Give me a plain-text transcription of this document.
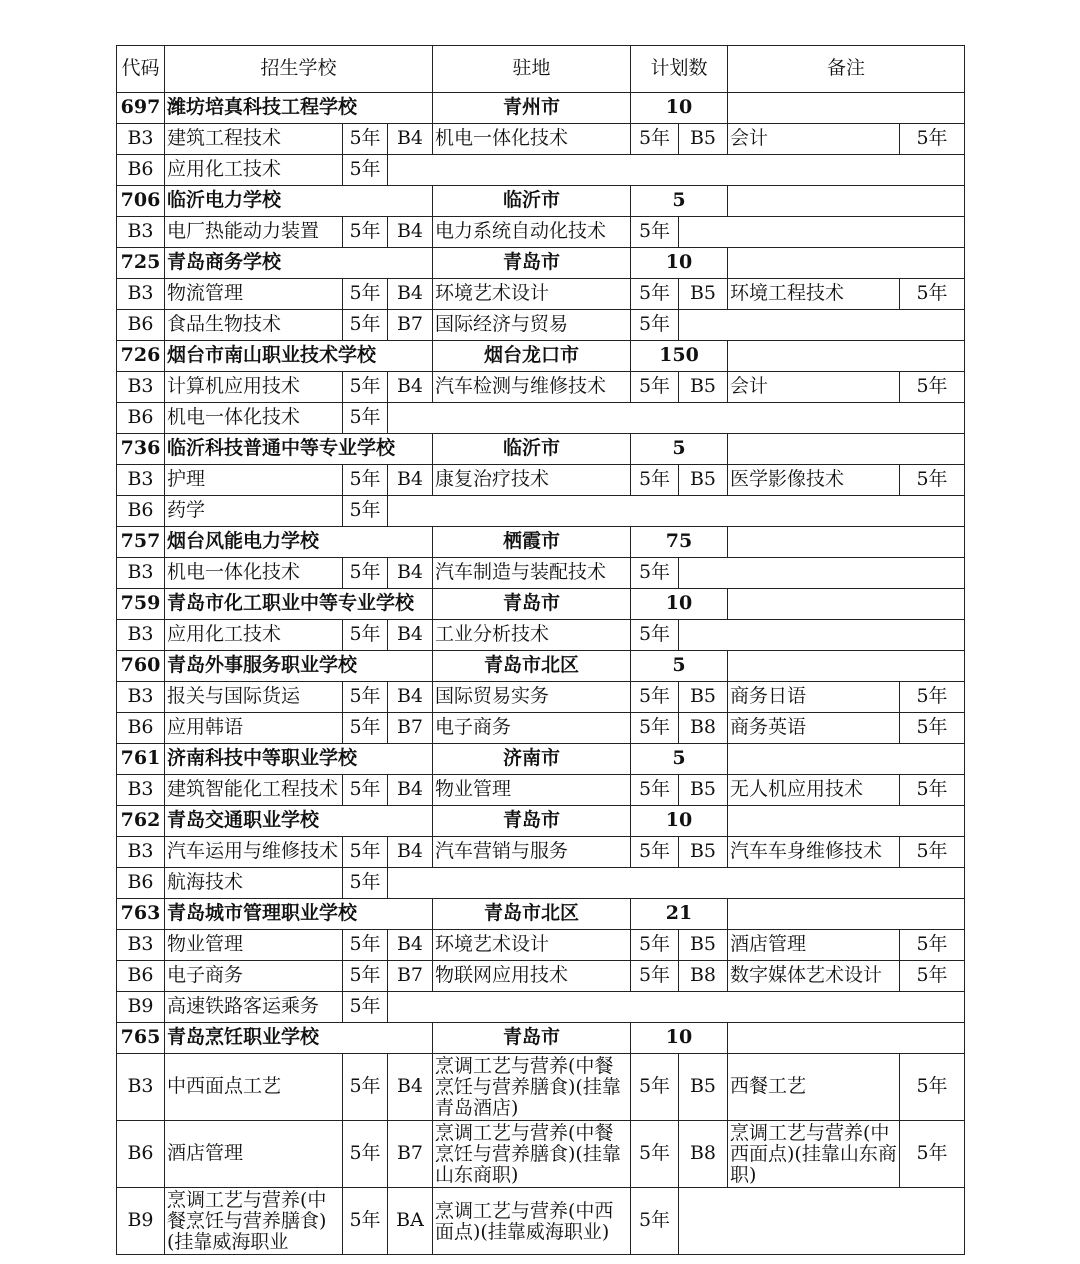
代码	招生学校			驻地	计划数		备注	
697	潍坊培真科技工程学校			青州市	10			
B3	建筑工程技术	5年	B4	机电一体化技术	5年	B5	会计	5年
B6	应用化工技术	5年						
706	临沂电力学校			临沂市	5			
B3	电厂热能动力装置	5年	B4	电力系统自动化技术	5年			
725	青岛商务学校			青岛市	10			
B3	物流管理	5年	B4	环境艺术设计	5年	B5	环境工程技术	5年
B6	食品生物技术	5年	B7	国际经济与贸易	5年			
726	烟台市南山职业技术学校			烟台龙口市	150			
B3	计算机应用技术	5年	B4	汽车检测与维修技术	5年	B5	会计	5年
B6	机电一体化技术	5年						
736	临沂科技普通中等专业学校			临沂市	5			
B3	护理	5年	B4	康复治疗技术	5年	B5	医学影像技术	5年
B6	药学	5年						
757	烟台风能电力学校			栖霞市	75			
B3	机电一体化技术	5年	B4	汽车制造与装配技术	5年			
759	青岛市化工职业中等专业学校			青岛市	10			
B3	应用化工技术	5年	B4	工业分析技术	5年			
760	青岛外事服务职业学校			青岛市北区	5			
B3	报关与国际货运	5年	B4	国际贸易实务	5年	B5	商务日语	5年
B6	应用韩语	5年	B7	电子商务	5年	B8	商务英语	5年
761	济南科技中等职业学校			济南市	5			
B3	建筑智能化工程技术	5年	B4	物业管理	5年	B5	无人机应用技术	5年
762	青岛交通职业学校			青岛市	10			
B3	汽车运用与维修技术	5年	B4	汽车营销与服务	5年	B5	汽车车身维修技术	5年
B6	航海技术	5年						
763	青岛城市管理职业学校			青岛市北区	21			
B3	物业管理	5年	B4	环境艺术设计	5年	B5	酒店管理	5年
B6	电子商务	5年	B7	物联网应用技术	5年	B8	数字媒体艺术设计	5年
B9	高速铁路客运乘务	5年						
765	青岛烹饪职业学校			青岛市	10			
B3	中西面点工艺	5年	B4	烹调工艺与营养(中餐烹饪与营养膳食)(挂靠青岛酒店)	5年	B5	西餐工艺	5年
B6	酒店管理	5年	B7	烹调工艺与营养(中餐烹饪与营养膳食)(挂靠山东商职)	5年	B8	烹调工艺与营养(中西面点)(挂靠山东商职)	5年
B9	烹调工艺与营养(中餐烹饪与营养膳食)(挂靠威海职业	5年	BA	烹调工艺与营养(中西面点)(挂靠威海职业)	5年			
